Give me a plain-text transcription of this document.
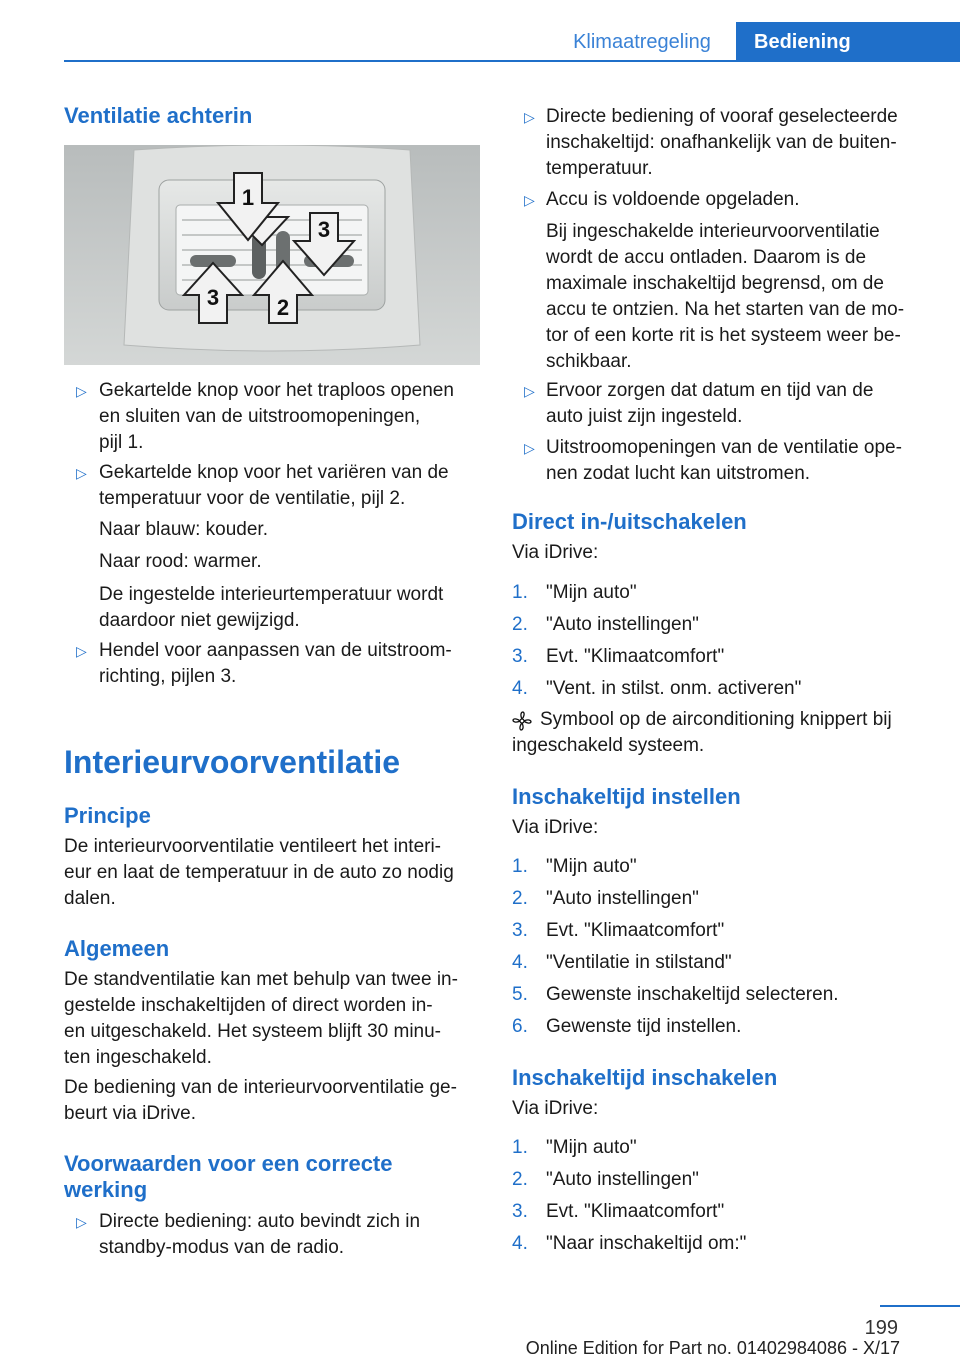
Klimaatregeling	Bediening
Ventilatie achterin
1
3
3	2
▷ Gekartelde knop voor het traploos openen

en sluiten van de uitstroomopeningen,

pijl 1.

▷ Gekartelde knop voor het variëren van de

temperatuur voor de ventilatie, pijl 2.

Naar blauw: kouder.

Naar rood: warmer.

De ingestelde interieurtemperatuur wordt

daardoor niet gewijzigd.

▷ Hendel voor aanpassen van de uitstroom‐

richting, pijlen 3.

Interieurvoorventilatie
Principe

De interieurvoorventilatie ventileert het interi‐

eur en laat de temperatuur in de auto zo nodig

dalen.

Algemeen

De standventilatie kan met behulp van twee in‐

gestelde inschakeltijden of direct worden in-

en uitgeschakeld. Het systeem blijft 30 minu‐

ten ingeschakeld.

De bediening van de interieurvoorventilatie ge‐

beurt via iDrive.

Voorwaarden voor een correcte

werking

▷ Directe bediening: auto bevindt zich in

standby-modus van de radio.

▷ Directe bediening of vooraf geselecteerde

inschakeltijd: onafhankelijk van de buiten‐

temperatuur.

▷ Accu is voldoende opgeladen.

Bij ingeschakelde interieurvoorventilatie

wordt de accu ontladen. Daarom is de

maximale inschakeltijd begrensd, om de

accu te ontzien. Na het starten van de mo‐

tor of een korte rit is het systeem weer be‐

schikbaar.

▷ Ervoor zorgen dat datum en tijd van de

auto juist zijn ingesteld.

▷ Uitstroomopeningen van de ventilatie ope‐

nen zodat lucht kan uitstromen.

Direct in-/uitschakelen
Via iDrive:
1. "Mijn auto"
2. "Auto instellingen"
3. Evt. "Klimaatcomfort"
4. "Vent. in stilst. onm. activeren"

Symbool op de airconditioning knippert bij

ingeschakeld systeem.

Inschakeltijd instellen
Via iDrive:
1. "Mijn auto"
2. "Auto instellingen"
3. Evt. "Klimaatcomfort"
4. "Ventilatie in stilstand"
5. Gewenste inschakeltijd selecteren.
6. Gewenste tijd instellen.
Inschakeltijd inschakelen
Via iDrive:
1. "Mijn auto"
2. "Auto instellingen"
3. Evt. "Klimaatcomfort"
4. "Naar inschakeltijd om:"
199
Online Edition for Part no. 01402984086 - X/17
